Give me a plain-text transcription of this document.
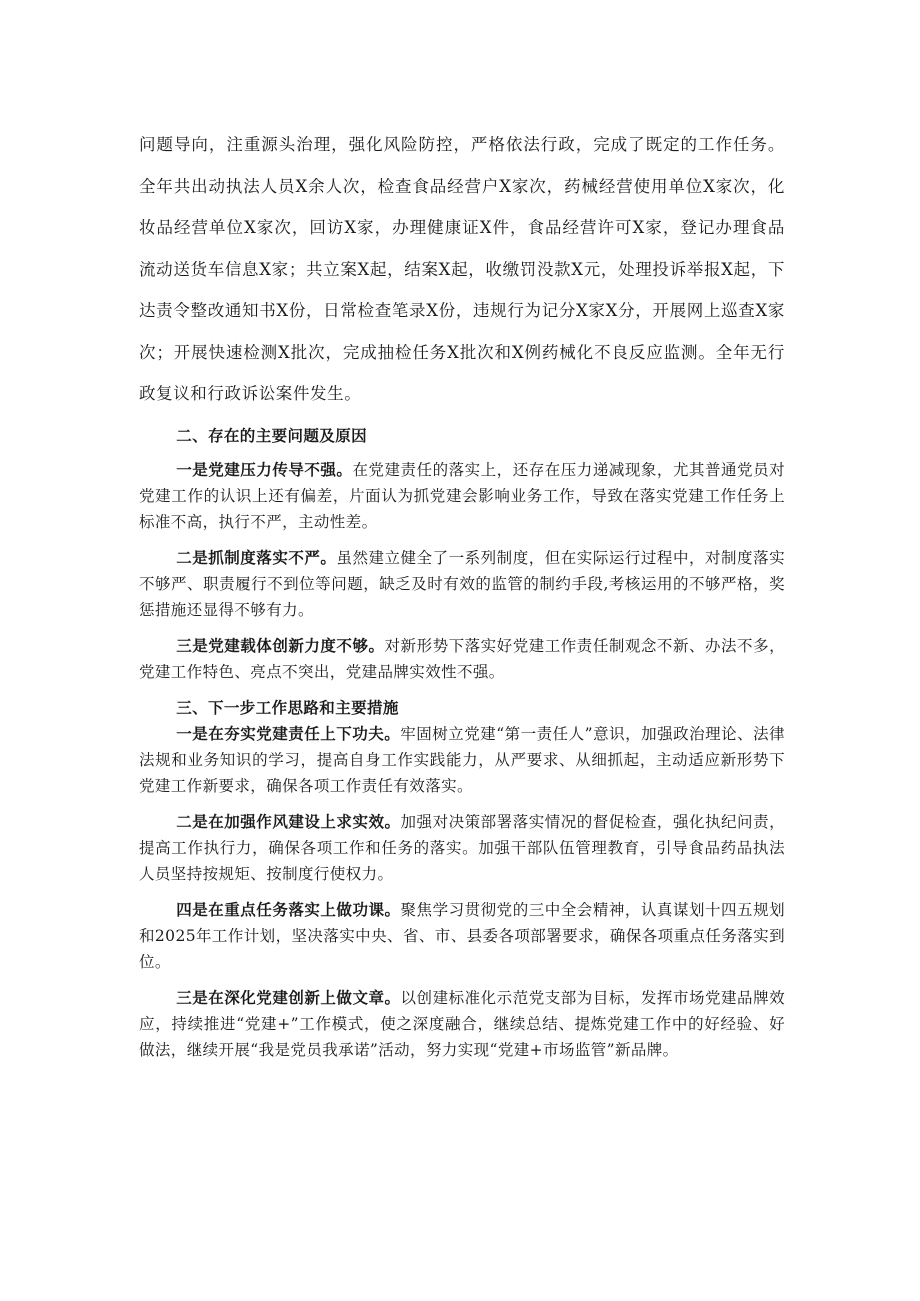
问题导向，注重源头治理，强化风险防控，严格依法行政，完成了既定的工作任务。全年共出动执法人员X余人次，检查食品经营户X家次，药械经营使用单位X家次，化妆品经营单位X家次，回访X家，办理健康证X件，食品经营许可X家，登记办理食品流动送货车信息X家；共立案X起，结案X起，收缴罚没款X元，处理投诉举报X起，下达责令整改通知书X份，日常检查笔录X份，违规行为记分X家X分，开展网上巡查X家次；开展快速检测X批次，完成抽检任务X批次和X例药械化不良反应监测。全年无行政复议和行政诉讼案件发生。

二、存在的主要问题及原因

一是党建压力传导不强。在党建责任的落实上，还存在压力递减现象，尤其普通党员对党建工作的认识上还有偏差，片面认为抓党建会影响业务工作，导致在落实党建工作任务上标准不高，执行不严，主动性差。

二是抓制度落实不严。虽然建立健全了一系列制度，但在实际运行过程中，对制度落实不够严、职责履行不到位等问题，缺乏及时有效的监管的制约手段,考核运用的不够严格，奖惩措施还显得不够有力。

三是党建载体创新力度不够。对新形势下落实好党建工作责任制观念不新、办法不多，党建工作特色、亮点不突出，党建品牌实效性不强。

三、下一步工作思路和主要措施

一是在夯实党建责任上下功夫。牢固树立党建“第一责任人”意识，加强政治理论、法律法规和业务知识的学习，提高自身工作实践能力，从严要求、从细抓起，主动适应新形势下党建工作新要求，确保各项工作责任有效落实。

二是在加强作风建设上求实效。加强对决策部署落实情况的督促检查，强化执纪问责，提高工作执行力，确保各项工作和任务的落实。加强干部队伍管理教育，引导食品药品执法人员坚持按规矩、按制度行使权力。

四是在重点任务落实上做功课。聚焦学习贯彻党的三中全会精神，认真谋划十四五规划和2025年工作计划，坚决落实中央、省、市、县委各项部署要求，确保各项重点任务落实到位。

三是在深化党建创新上做文章。以创建标准化示范党支部为目标，发挥市场党建品牌效应，持续推进“党建+”工作模式，使之深度融合，继续总结、提炼党建工作中的好经验、好做法，继续开展“我是党员我承诺”活动，努力实现“党建+市场监管”新品牌。
